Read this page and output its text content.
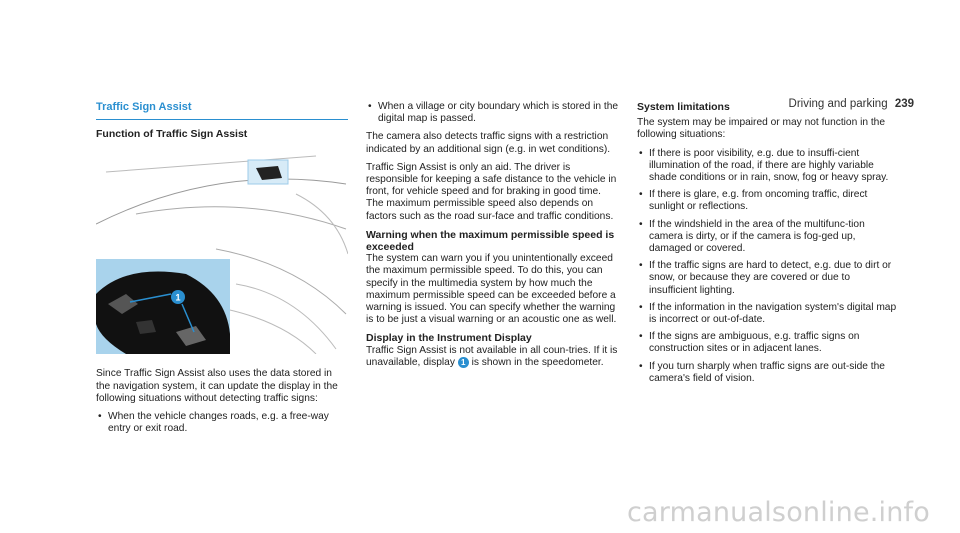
Driving and parking 239
Traffic Sign Assist
Function of Traffic Sign Assist
1

Since Traffic Sign Assist also uses the data stored in the navigation system, it can update the display in the following situations without detecting traffic signs:

• When the vehicle changes roads, e.g. a free-way entry or exit road.
• When a village or city boundary which is stored in the digital map is passed.

The camera also detects traffic signs with a restriction indicated by an additional sign (e.g. in wet conditions).

Traffic Sign Assist is only an aid. The driver is responsible for keeping a safe distance to the vehicle in front, for vehicle speed and for braking in good time. The maximum permissible speed also depends on factors such as the road sur-face and traffic conditions.

Warning when the maximum permissible speed is exceeded

The system can warn you if you unintentionally exceed the maximum permissible speed. To do this, you can specify in the multimedia system by how much the maximum permissible speed can be exceeded before a warning is issued. You can specify whether the warning is to be just a visual warning or an acoustic one as well.

Display in the Instrument Display

Traffic Sign Assist is not available in all coun-tries. If it is unavailable, display 1 is shown in the speedometer.

System limitations

The system may be impaired or may not function in the following situations:

• If there is poor visibility, e.g. due to insuffi-cient illumination of the road, if there are highly variable shade conditions or in rain, snow, fog or heavy spray.
• If there is glare, e.g. from oncoming traffic, direct sunlight or reflections.
• If the windshield in the area of the multifunc-tion camera is dirty, or if the camera is fog-ged up, damaged or covered.
• If the traffic signs are hard to detect, e.g. due to dirt or snow, or because they are covered or due to insufficient lighting.
• If the information in the navigation system's digital map is incorrect or out-of-date.
• If the signs are ambiguous, e.g. traffic signs on construction sites or in adjacent lanes.
• If you turn sharply when traffic signs are out-side the camera's field of vision.
carmanualsonline.info
